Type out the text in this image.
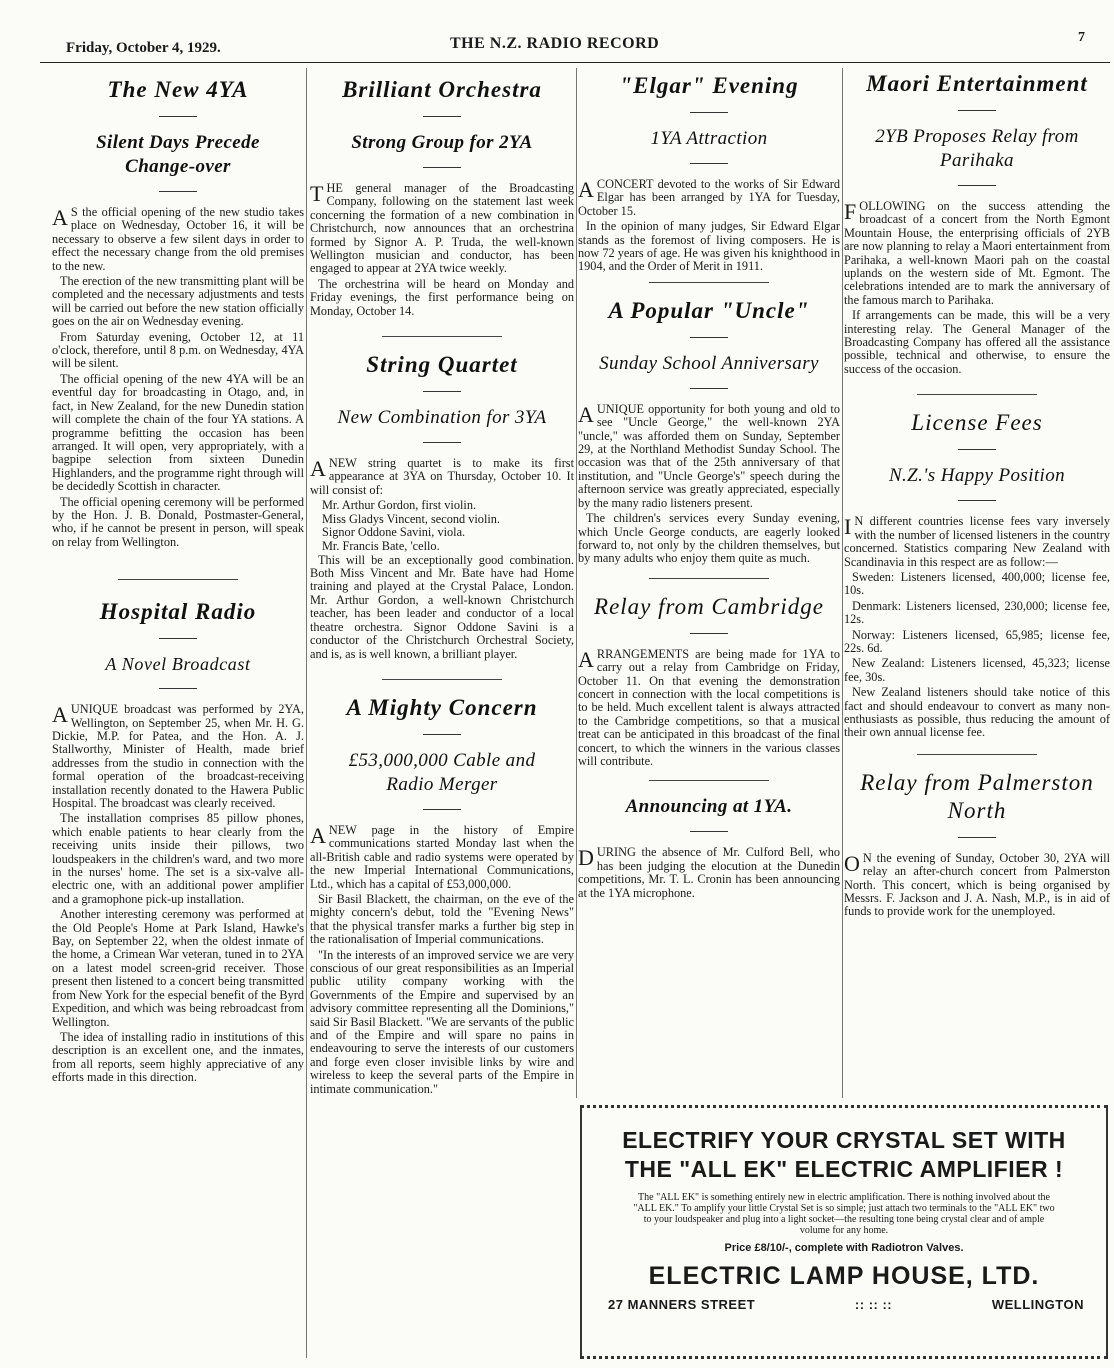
Friday, October 4, 1929.	THE N.Z. RADIO RECORD	7
The New 4YA
Silent Days Precede Change-over

A S the official opening of the new studio takes place on Wednesday, October 16, it will be necessary to observe a few silent days in order to effect the necessary change from the old premises to the new.

The erection of the new transmitting plant will be completed and the necessary adjustments and tests will be carried out before the new station officially goes on the air on Wednesday evening.

From Saturday evening, October 12, at 11 o'clock, therefore, until 8 p.m. on Wednesday, 4YA will be silent.

The official opening of the new 4YA will be an eventful day for broadcasting in Otago, and, in fact, in New Zealand, for the new Dunedin station will complete the chain of the four YA stations. A programme befitting the occasion has been arranged. It will open, very appropriately, with a bagpipe selection from sixteen Dunedin Highlanders, and the programme right through will be decidedly Scottish in character.

The official opening ceremony will be performed by the Hon. J. B. Donald, Postmaster-General, who, if he cannot be present in person, will speak on relay from Wellington.

Hospital Radio
A Novel Broadcast

AUNIQUE broadcast was performed by 2YA, Wellington, on September 25, when Mr. H. G. Dickie, M.P. for Patea, and the Hon. A. J. Stallworthy, Minister of Health, made brief addresses from the studio in connection with the formal operation of the broadcast-receiving installation recently donated to the Hawera Public Hospital. The broadcast was clearly received.

The installation comprises 85 pillow phones, which enable patients to hear clearly from the receiving units inside their pillows, two loudspeakers in the children's ward, and two more in the nurses' home. The set is a six-valve all-electric one, with an additional power amplifier and a gramophone pick-up installation.

Another interesting ceremony was performed at the Old People's Home at Park Island, Hawke's Bay, on September 22, when the oldest inmate of the home, a Crimean War veteran, tuned in to 2YA on a latest model screen-grid receiver. Those present then listened to a concert being transmitted from New York for the especial benefit of the Byrd Expedition, and which was being rebroadcast from Wellington.

The idea of installing radio in institutions of this description is an excellent one, and the inmates, from all reports, seem highly appreciative of any efforts made in this direction.

Brilliant Orchestra
Strong Group for 2YA

THE general manager of the Broadcasting Company, following on the statement last week concerning the formation of a new combination in Christchurch, now announces that an orchestrina formed by Signor A. P. Truda, the well-known Wellington musician and conductor, has been engaged to appear at 2YA twice weekly.

The orchestrina will be heard on Monday and Friday evenings, the first performance being on Monday, October 14.

String Quartet
New Combination for 3YA

ANEW string quartet is to make its first appearance at 3YA on Thursday, October 10. It will consist of:

Mr. Arthur Gordon, first violin.
Miss Gladys Vincent, second violin.
Signor Oddone Savini, viola.
Mr. Francis Bate, 'cello.

This will be an exceptionally good combination. Both Miss Vincent and Mr. Bate have had Home training and played at the Crystal Palace, London. Mr. Arthur Gordon, a well-known Christchurch teacher, has been leader and conductor of a local theatre orchestra. Signor Oddone Savini is a conductor of the Christchurch Orchestral Society, and is, as is well known, a brilliant player.

A Mighty Concern
£53,000,000 Cable and Radio Merger

ANEW page in the history of Empire communications started Monday last when the all-British cable and radio systems were operated by the new Imperial International Communications, Ltd., which has a capital of £53,000,000.

Sir Basil Blackett, the chairman, on the eve of the mighty concern's debut, told the "Evening News" that the physical transfer marks a further big step in the rationalisation of Imperial communications.

"In the interests of an improved service we are very conscious of our great responsibilities as an Imperial public utility company working with the Governments of the Empire and supervised by an advisory committee representing all the Dominions," said Sir Basil Blackett. "We are servants of the public and of the Empire and will spare no pains in endeavouring to serve the interests of our customers and forge even closer invisible links by wire and wireless to keep the several parts of the Empire in intimate communication."

"Elgar" Evening
1YA Attraction

ACONCERT devoted to the works of Sir Edward Elgar has been arranged by 1YA for Tuesday, October 15.

In the opinion of many judges, Sir Edward Elgar stands as the foremost of living composers. He is now 72 years of age. He was given his knighthood in 1904, and the Order of Merit in 1911.

A Popular "Uncle"
Sunday School Anniversary

AUNIQUE opportunity for both young and old to see "Uncle George," the well-known 2YA "uncle," was afforded them on Sunday, September 29, at the Northland Methodist Sunday School. The occasion was that of the 25th anniversary of that institution, and "Uncle George's" speech during the afternoon service was greatly appreciated, especially by the many radio listeners present.

The children's services every Sunday evening, which Uncle George conducts, are eagerly looked forward to, not only by the children themselves, but by many adults who enjoy them quite as much.

Relay from Cambridge

ARRANGEMENTS are being made for 1YA to carry out a relay from Cambridge on Friday, October 11. On that evening the demonstration concert in connection with the local competitions is to be held. Much excellent talent is always attracted to the Cambridge competitions, so that a musical treat can be anticipated in this broadcast of the final concert, to which the winners in the various classes will contribute.

Announcing at 1YA.

DURING the absence of Mr. Culford Bell, who has been judging the elocution at the Dunedin competitions, Mr. T. L. Cronin has been announcing at the 1YA microphone.

Maori Entertainment
2YB Proposes Relay from Parihaka

FOLLOWING on the success attending the broadcast of a concert from the North Egmont Mountain House, the enterprising officials of 2YB are now planning to relay a Maori entertainment from Parihaka, a well-known Maori pah on the coastal uplands on the western side of Mt. Egmont. The celebrations intended are to mark the anniversary of the famous march to Parihaka.

If arrangements can be made, this will be a very interesting relay. The General Manager of the Broadcasting Company has offered all the assistance possible, technical and otherwise, to ensure the success of the occasion.

License Fees
N.Z.'s Happy Position

I N different countries license fees vary inversely with the number of licensed listeners in the country concerned. Statistics comparing New Zealand with Scandinavia in this respect are as follow:—

Sweden: Listeners licensed, 400,000; license fee, 10s.

Denmark: Listeners licensed, 230,000; license fee, 12s.

Norway: Listeners licensed, 65,985; license fee, 22s. 6d.

New Zealand: Listeners licensed, 45,323; license fee, 30s.

New Zealand listeners should take notice of this fact and should endeavour to convert as many non-enthusiasts as possible, thus reducing the amount of their own annual license fee.

Relay from Palmerston North

O N the evening of Sunday, October 30, 2YA will relay an after-church concert from Palmerston North. This concert, which is being organised by Messrs. F. Jackson and J. A. Nash, M.P., is in aid of funds to provide work for the unemployed.

ELECTRIFY YOUR CRYSTAL SET WITH
THE "ALL EK" ELECTRIC AMPLIFIER !
The "ALL EK" is something entirely new in electric amplification. There is nothing involved about the "ALL EK." To amplify your little Crystal Set is so simple; just attach two terminals to the "ALL EK" two to your loudspeaker and plug into a light socket—the resulting tone being crystal clear and of ample volume for any home.
Price £8/10/-, complete with Radiotron Valves.
ELECTRIC LAMP HOUSE, LTD.
27 MANNERS STREET	:: :: ::	WELLINGTON
